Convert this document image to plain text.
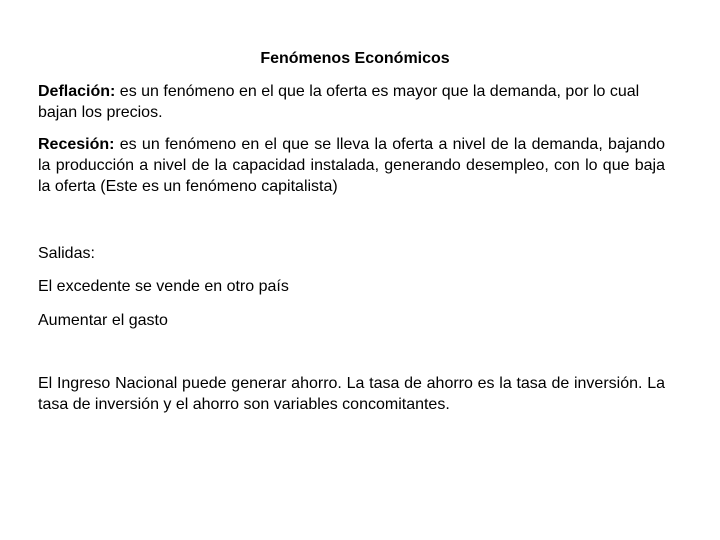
Fenómenos Económicos

Deflación: es un fenómeno en el que la oferta es mayor que la demanda, por lo cual bajan los precios.

Recesión: es un fenómeno en el que se lleva la oferta a nivel de la demanda, bajando la producción a nivel de la capacidad instalada, generando desempleo, con lo que baja la oferta (Este es un fenómeno capitalista)

Salidas:

El excedente se vende en otro país

Aumentar el gasto

El Ingreso Nacional puede generar ahorro. La tasa de ahorro es la tasa de inversión. La tasa de inversión y el ahorro son variables concomitantes.
